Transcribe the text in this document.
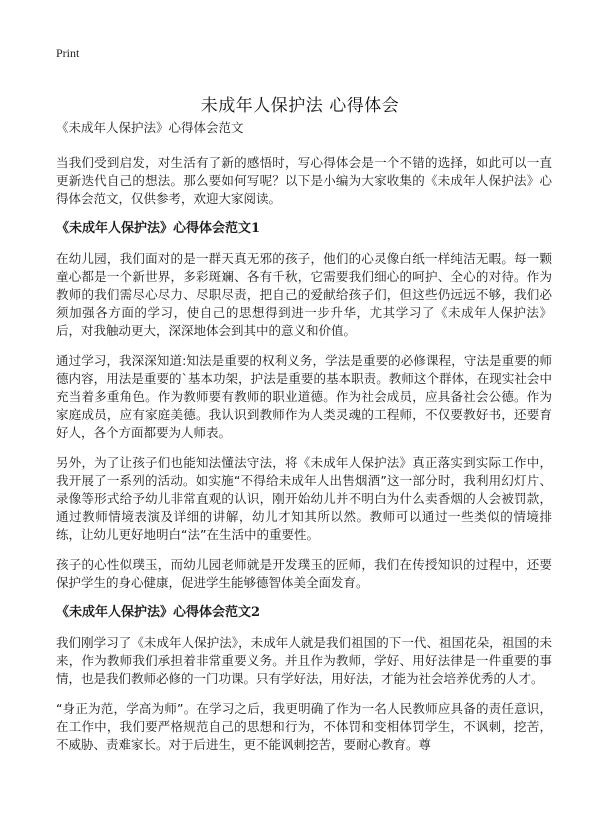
Print
未成年人保护法 心得体会

《未成年人保护法》心得体会范文

当我们受到启发，对生活有了新的感悟时，写心得体会是一个不错的选择，如此可以一直更新迭代自己的想法。那么要如何写呢？以下是小编为大家收集的《未成年人保护法》心得体会范文，仅供参考，欢迎大家阅读。

《未成年人保护法》心得体会范文1

在幼儿园，我们面对的是一群天真无邪的孩子，他们的心灵像白纸一样纯洁无暇。每一颗童心都是一个新世界，多彩斑斓、各有千秋，它需要我们细心的呵护、全心的对待。作为教师的我们需尽心尽力、尽职尽责，把自己的爱献给孩子们，但这些仍远远不够，我们必须加强各方面的学习，使自己的思想得到进一步升华，尤其学习了《未成年人保护法》后，对我触动更大，深深地体会到其中的意义和价值。

通过学习，我深深知道:知法是重要的权利义务，学法是重要的必修课程，守法是重要的师德内容，用法是重要的`基本功架，护法是重要的基本职责。教师这个群体，在现实社会中充当着多重角色。作为教师要有教师的职业道德。作为社会成员，应具备社会公德。作为家庭成员，应有家庭美德。我认识到教师作为人类灵魂的工程师，不仅要教好书，还要育好人，各个方面都要为人师表。

另外，为了让孩子们也能知法懂法守法，将《未成年人保护法》真正落实到实际工作中，我开展了一系列的活动。如实施“不得给未成年人出售烟酒”这一部分时，我利用幻灯片、录像等形式给予幼儿非常直观的认识，刚开始幼儿并不明白为什么卖香烟的人会被罚款，通过教师情境表演及详细的讲解，幼儿才知其所以然。教师可以通过一些类似的情境排练，让幼儿更好地明白“法”在生活中的重要性。

孩子的心性似璞玉，而幼儿园老师就是开发璞玉的匠师，我们在传授知识的过程中，还要保护学生的身心健康，促进学生能够德智体美全面发育。

《未成年人保护法》心得体会范文2

我们刚学习了《未成年人保护法》，未成年人就是我们祖国的下一代、祖国花朵，祖国的未来，作为教师我们承担着非常重要义务。并且作为教师，学好、用好法律是一件重要的事情，也是我们教师必修的一门功课。只有学好法，用好法，才能为社会培养优秀的人才。

“身正为范，学高为师”。在学习之后，我更明确了作为一名人民教师应具备的责任意识，在工作中，我们要严格规范自己的思想和行为，不体罚和变相体罚学生，不讽刺，挖苦，不威胁、责难家长。对于后进生，更不能讽刺挖苦，要耐心教育。尊
